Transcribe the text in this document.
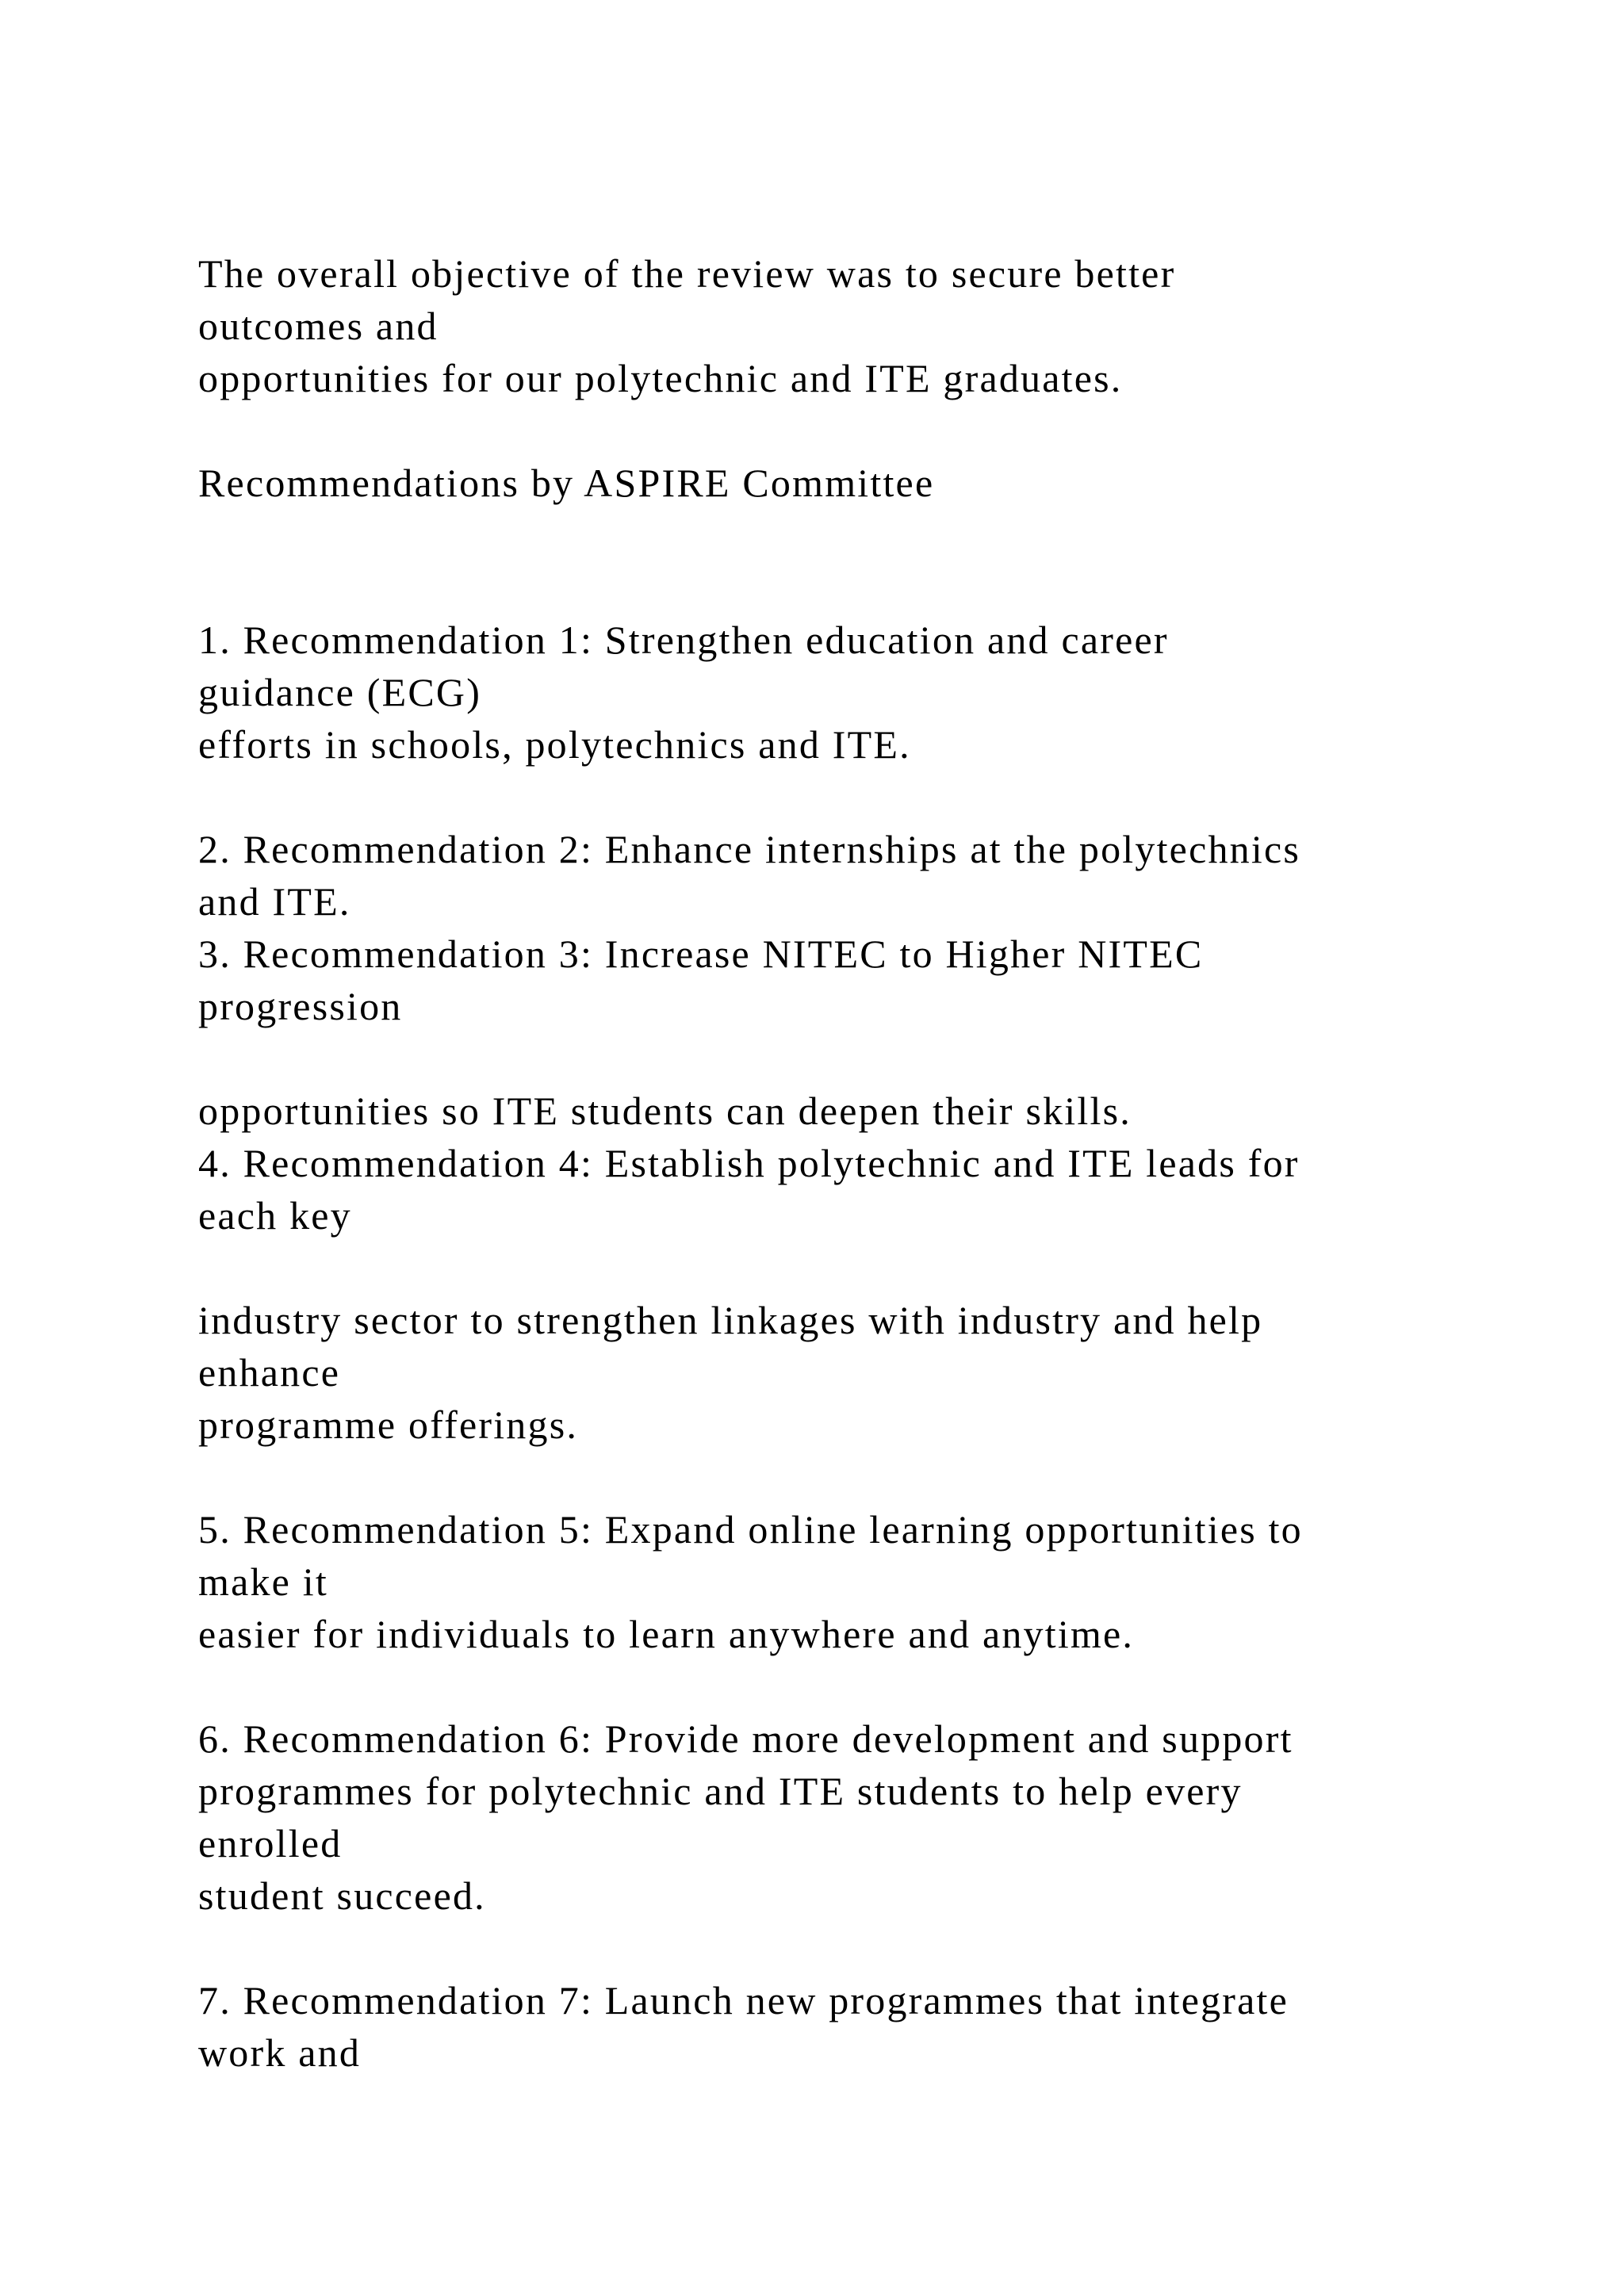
The overall objective of the review was to secure better
outcomes and
opportunities for our polytechnic and ITE graduates.
Recommendations by ASPIRE Committee
1. Recommendation 1: Strengthen education and career
guidance (ECG)
efforts in schools, polytechnics and ITE.
2. Recommendation 2: Enhance internships at the polytechnics
and ITE.
3. Recommendation 3: Increase NITEC to Higher NITEC
progression
opportunities so ITE students can deepen their skills.
4. Recommendation 4: Establish polytechnic and ITE leads for
each key
industry sector to strengthen linkages with industry and help
enhance
programme offerings.
5. Recommendation 5: Expand online learning opportunities to
make it
easier for individuals to learn anywhere and anytime.
6. Recommendation 6: Provide more development and support
programmes for polytechnic and ITE students to help every
enrolled
student succeed.
7. Recommendation 7: Launch new programmes that integrate
work and
